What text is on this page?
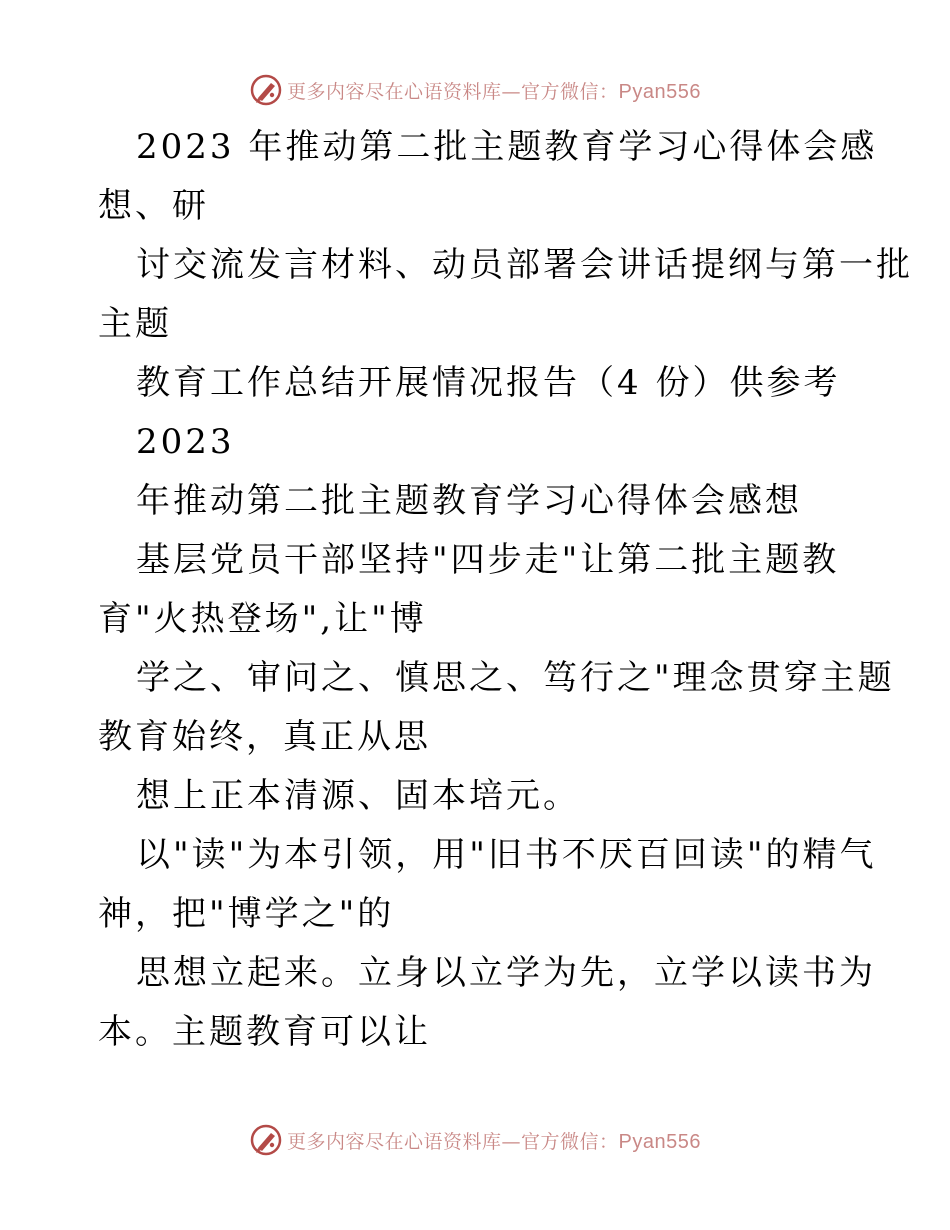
更多内容尽在心语资料库—官方微信：Pyan556
2023 年推动第二批主题教育学习心得体会感
想、研
讨交流发言材料、动员部署会讲话提纲与第一批
主题
教育工作总结开展情况报告（4 份）供参考
2023
年推动第二批主题教育学习心得体会感想
基层党员干部坚持"四步走"让第二批主题教
育"火热登场",让"博
学之、审问之、慎思之、笃行之"理念贯穿主题
教育始终，真正从思
想上正本清源、固本培元。
以"读"为本引领，用"旧书不厌百回读"的精气
神，把"博学之"的
思想立起来。立身以立学为先，立学以读书为
本。主题教育可以让
更多内容尽在心语资料库—官方微信：Pyan556
